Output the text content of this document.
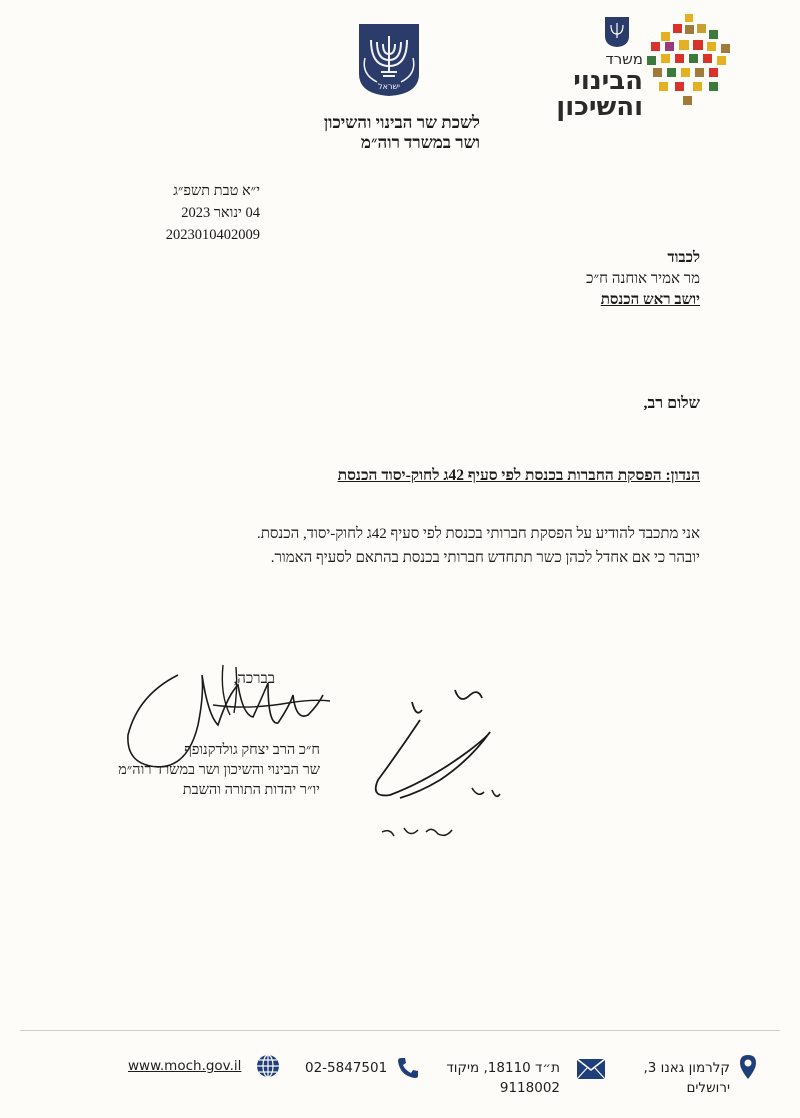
ישראל
לשכת שר הבינוי והשיכון
ושר במשרד רוה״מ
משרד
הבינוי
והשיכון
י״א טבת תשפ״ג
04 ינואר 2023
2023010402009
לכבוד
מר אמיר אוחנה ח״כ
יושב ראש הכנסת
שלום רב,
הנדון: הפסקת החברות בכנסת לפי סעיף 42ג לחוק-יסוד הכנסת
אני מתכבד להודיע על הפסקת חברותי בכנסת לפי סעיף 42ג לחוק-יסוד, הכנסת.
יובהר כי אם אחדל לכהן כשר תתחדש חברותי בכנסת בהתאם לסעיף האמור.
בברכה,
ח״כ הרב יצחק גולדקנופף
שר הבינוי והשיכון ושר במשרד רוה״מ
יו״ר יהדות התורה והשבת
קלרמון גאנו 3,
ירושלים
ת״ד 18110, מיקוד
9118002
02-5847501
www.moch.gov.il
